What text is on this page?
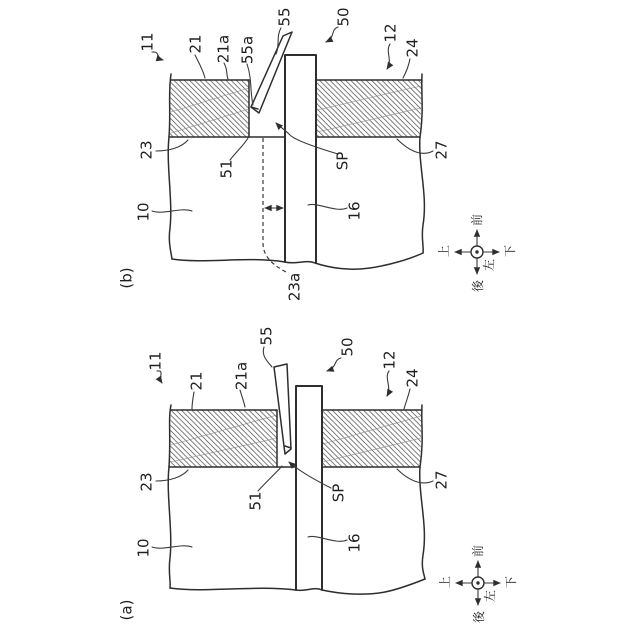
(b)
11 21 21a 55a
55	50
12
24
23
51	SP
27
10	16
23a
前
後
上	下
左
(a)
11
21 21a
55
50
12
24
23
51	SP
27
10	16	前
後
上	下
左
